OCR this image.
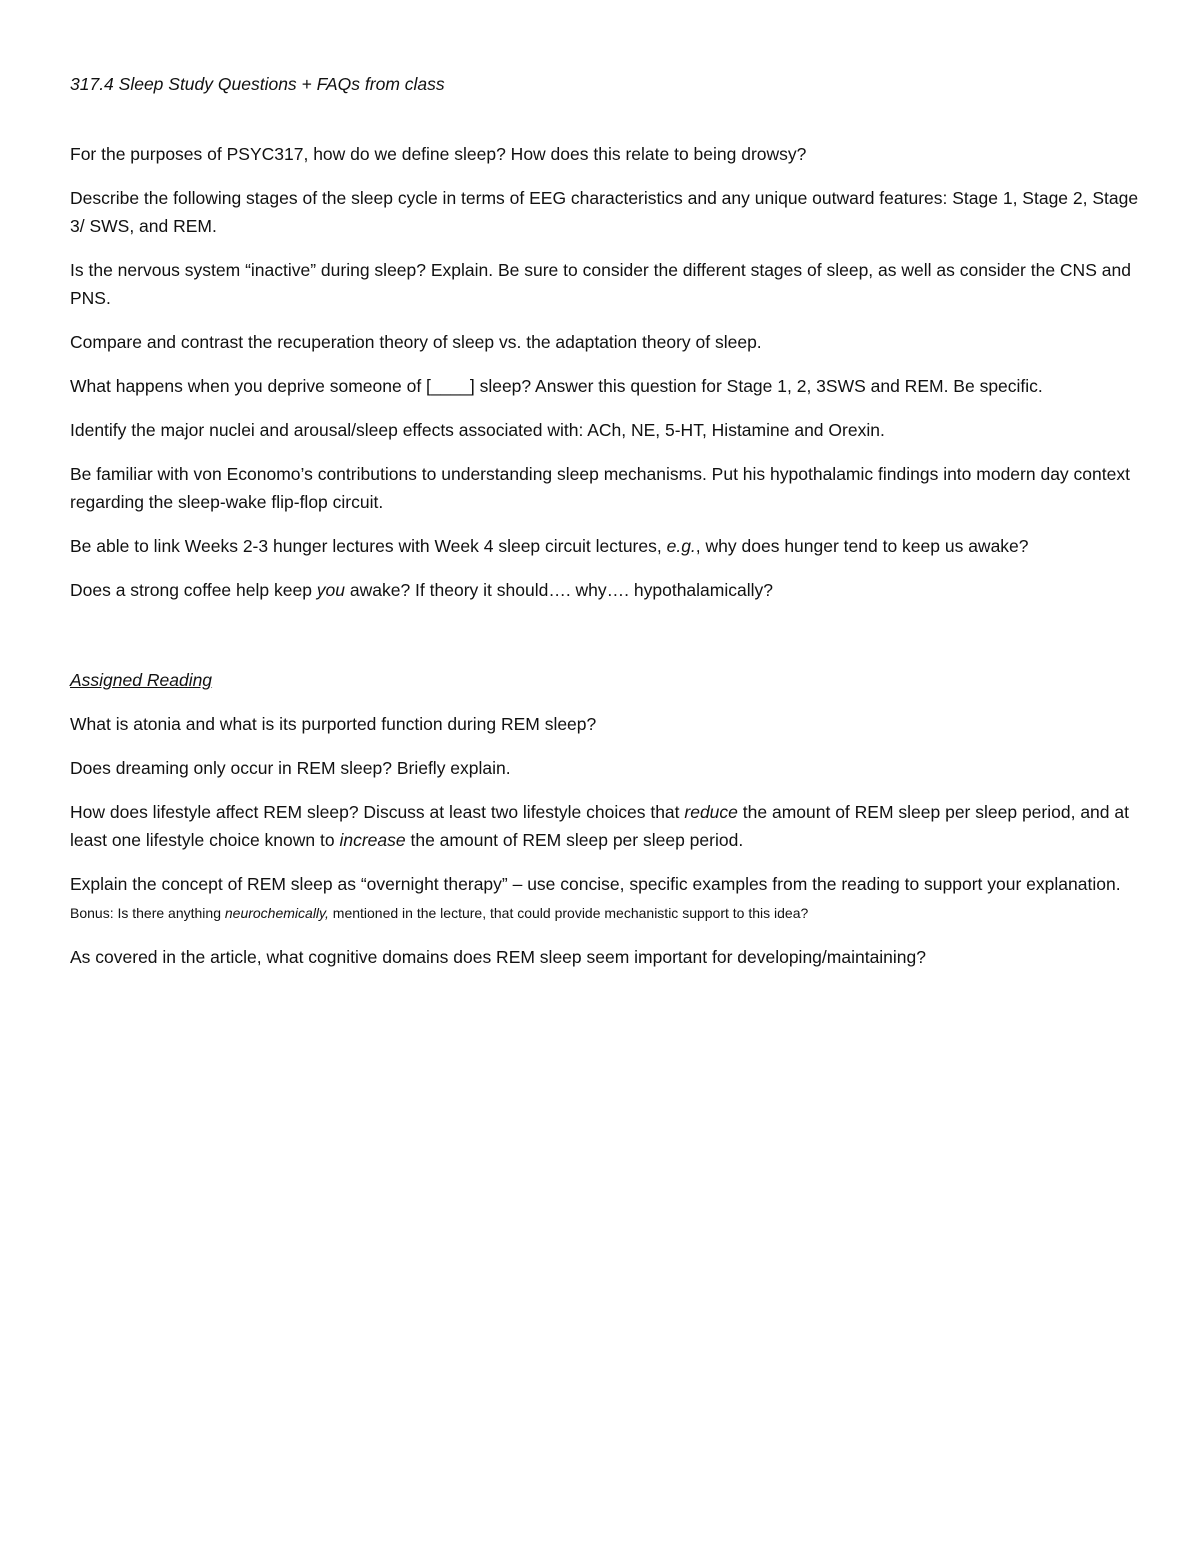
317.4 Sleep Study Questions + FAQs from class

For the purposes of PSYC317, how do we define sleep? How does this relate to being drowsy?

Describe the following stages of the sleep cycle in terms of EEG characteristics and any unique outward features: Stage 1, Stage 2, Stage 3/ SWS, and REM.

Is the nervous system “inactive” during sleep? Explain. Be sure to consider the different stages of sleep, as well as consider the CNS and PNS.

Compare and contrast the recuperation theory of sleep vs. the adaptation theory of sleep.

What happens when you deprive someone of [____] sleep? Answer this question for Stage 1, 2, 3SWS and REM. Be specific.

Identify the major nuclei and arousal/sleep effects associated with: ACh, NE, 5-HT, Histamine and Orexin.

Be familiar with von Economo’s contributions to understanding sleep mechanisms. Put his hypothalamic findings into modern day context regarding the sleep-wake flip-flop circuit.

Be able to link Weeks 2-3 hunger lectures with Week 4 sleep circuit lectures, e.g., why does hunger tend to keep us awake?

Does a strong coffee help keep you awake? If theory it should…. why…. hypothalamically?

Assigned Reading

What is atonia and what is its purported function during REM sleep?

Does dreaming only occur in REM sleep? Briefly explain.

How does lifestyle affect REM sleep? Discuss at least two lifestyle choices that reduce the amount of REM sleep per sleep period, and at least one lifestyle choice known to increase the amount of REM sleep per sleep period.

Explain the concept of REM sleep as “overnight therapy” – use concise, specific examples from the reading to support your explanation. Bonus: Is there anything neurochemically, mentioned in the lecture, that could provide mechanistic support to this idea?

As covered in the article, what cognitive domains does REM sleep seem important for developing/maintaining?
